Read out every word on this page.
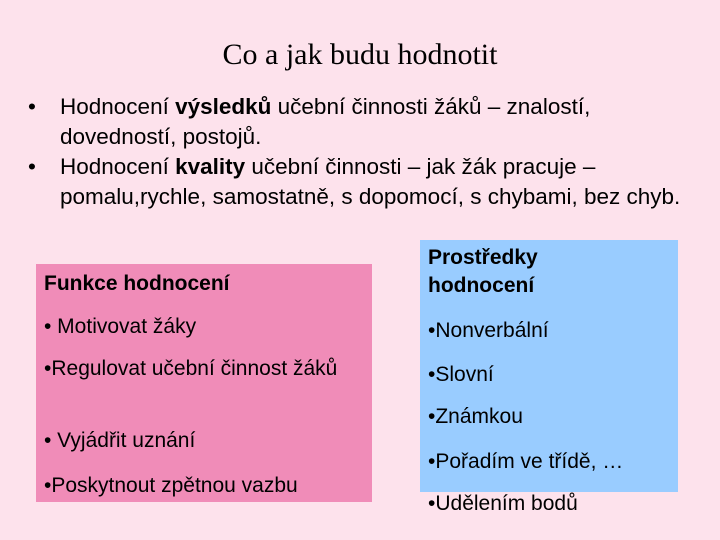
Co a jak budu hodnotit
• Hodnocení výsledků učební činnosti žáků – znalostí, dovedností, postojů.
• Hodnocení kvality učební činnosti – jak žák pracuje – pomalu,rychle, samostatně, s dopomocí, s chybami, bez chyb.
Funkce hodnocení
• Motivovat žáky
•Regulovat učební činnost žáků
• Vyjádřit uznání
•Poskytnout zpětnou vazbu
Prostředky hodnocení
•Nonverbální
•Slovní
•Známkou
•Pořadím ve třídě, …
•Udělením bodů
